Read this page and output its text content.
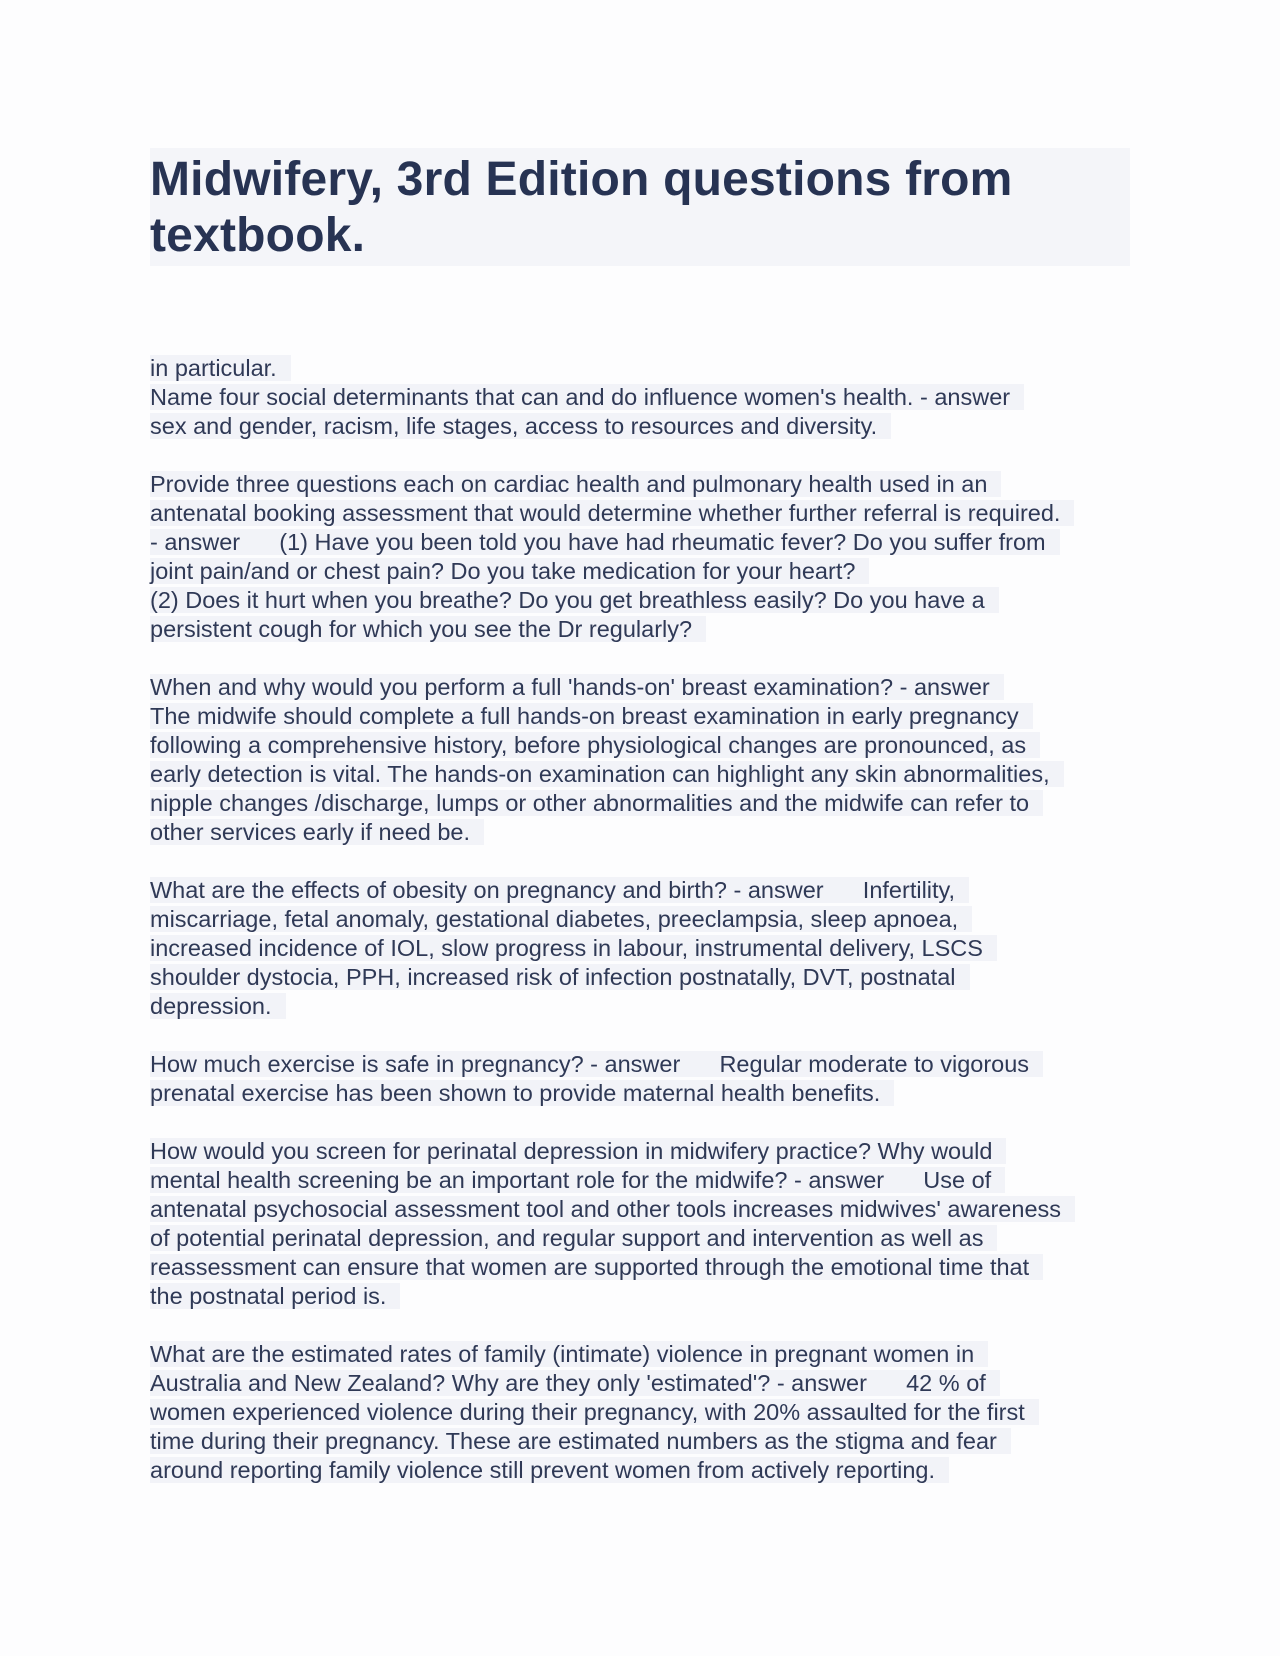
Midwifery, 3rd Edition questions from
textbook.
in particular.
Name four social determinants that can and do influence women's health. - answer
sex and gender, racism, life stages, access to resources and diversity.
Provide three questions each on cardiac health and pulmonary health used in an
antenatal booking assessment that would determine whether further referral is required.
- answer      (1) Have you been told you have had rheumatic fever? Do you suffer from
joint pain/and or chest pain? Do you take medication for your heart?
(2) Does it hurt when you breathe? Do you get breathless easily? Do you have a
persistent cough for which you see the Dr regularly?
When and why would you perform a full 'hands-on' breast examination? - answer
The midwife should complete a full hands-on breast examination in early pregnancy
following a comprehensive history, before physiological changes are pronounced, as
early detection is vital. The hands-on examination can highlight any skin abnormalities,
nipple changes /discharge, lumps or other abnormalities and the midwife can refer to
other services early if need be.
What are the effects of obesity on pregnancy and birth? - answer      Infertility,
miscarriage, fetal anomaly, gestational diabetes, preeclampsia, sleep apnoea,
increased incidence of IOL, slow progress in labour, instrumental delivery, LSCS
shoulder dystocia, PPH, increased risk of infection postnatally, DVT, postnatal
depression.
How much exercise is safe in pregnancy? - answer      Regular moderate to vigorous
prenatal exercise has been shown to provide maternal health benefits.
How would you screen for perinatal depression in midwifery practice? Why would
mental health screening be an important role for the midwife? - answer      Use of
antenatal psychosocial assessment tool and other tools increases midwives' awareness
of potential perinatal depression, and regular support and intervention as well as
reassessment can ensure that women are supported through the emotional time that
the postnatal period is.
What are the estimated rates of family (intimate) violence in pregnant women in
Australia and New Zealand? Why are they only 'estimated'? - answer      42 % of
women experienced violence during their pregnancy, with 20% assaulted for the first
time during their pregnancy. These are estimated numbers as the stigma and fear
around reporting family violence still prevent women from actively reporting.
